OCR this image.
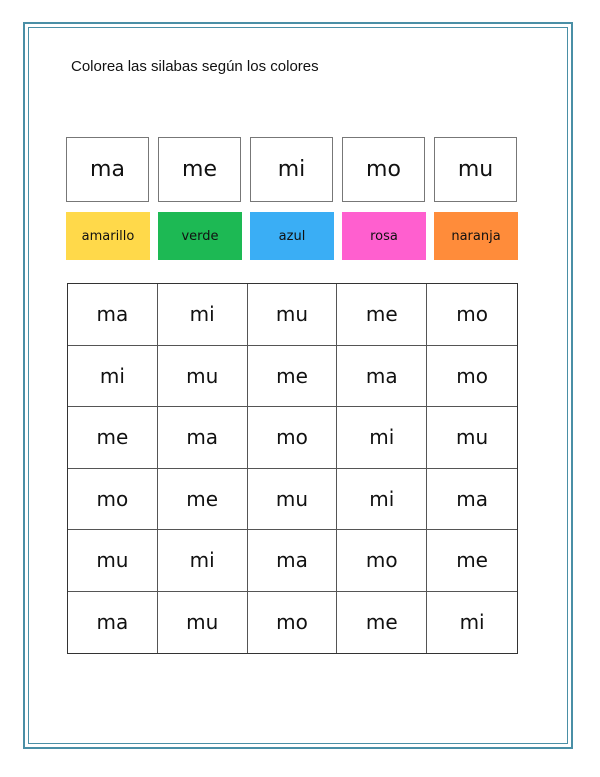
Colorea las silabas según los colores
ma	me	mi	mo	mu
amarillo	verde	azul	rosa	naranja
ma	mi	mu	me	mo
mi	mu	me	ma	mo
me	ma	mo	mi	mu
mo	me	mu	mi	ma
mu	mi	ma	mo	me
ma	mu	mo	me	mi
